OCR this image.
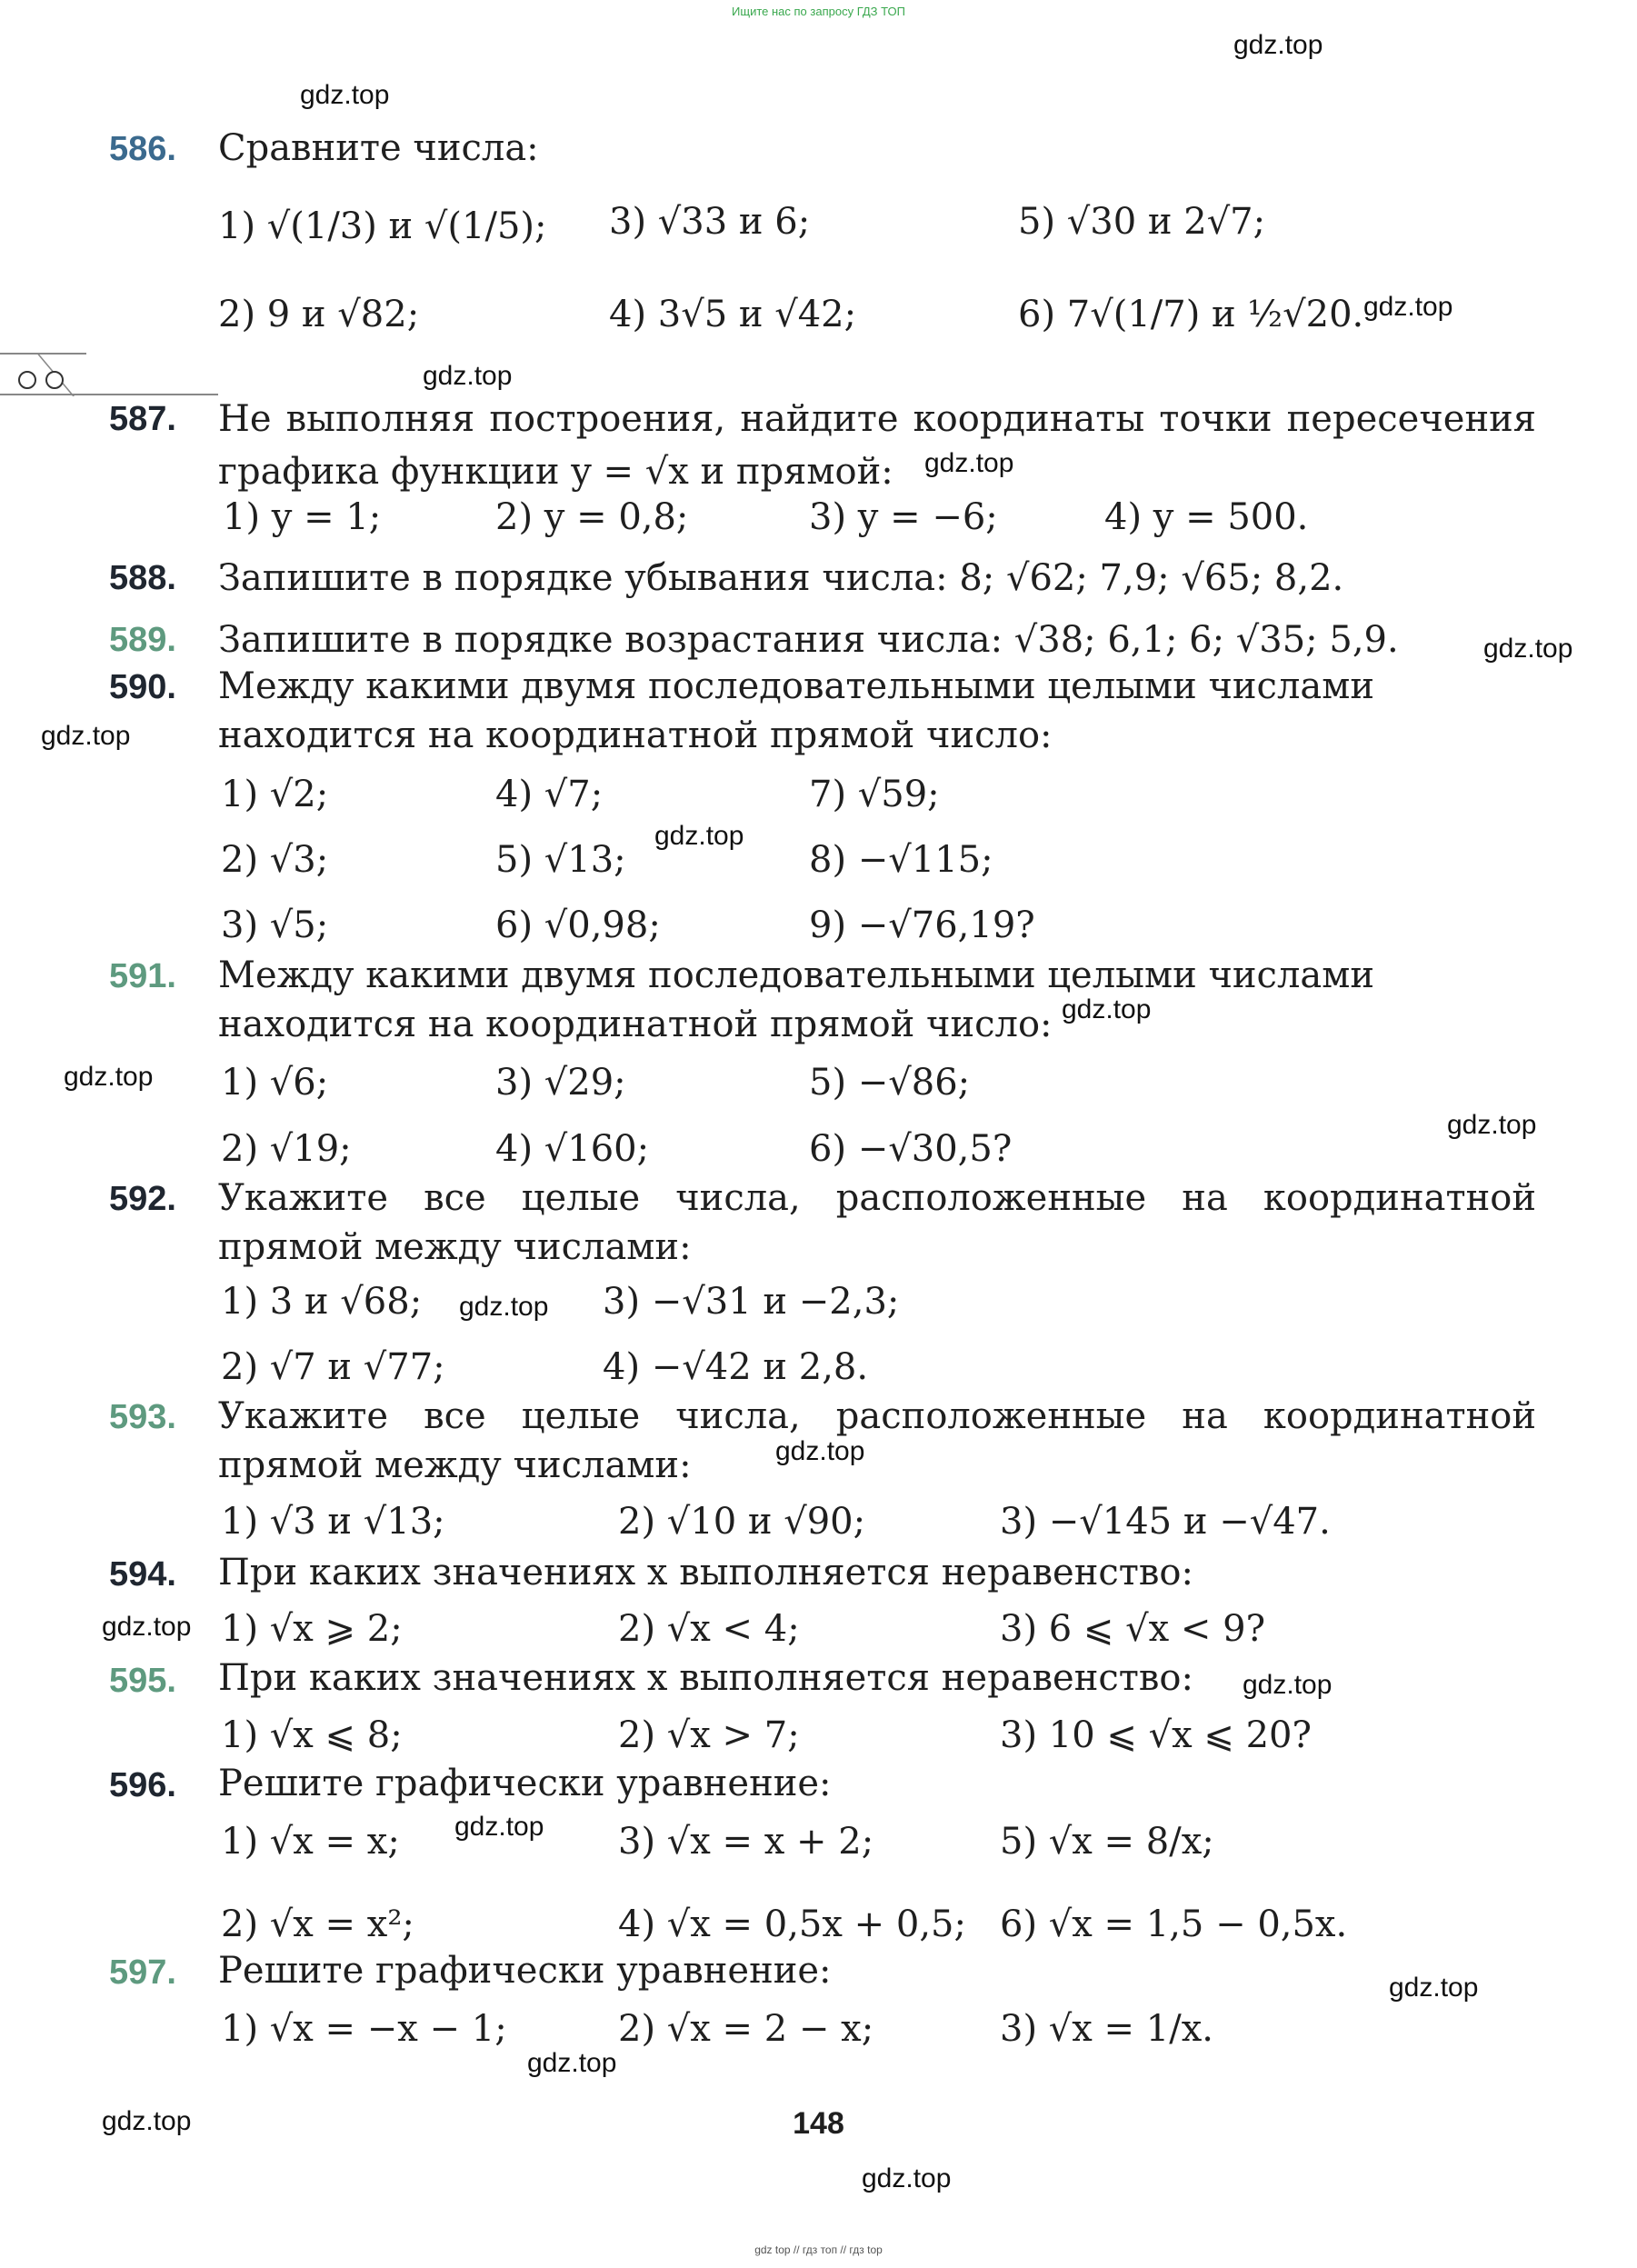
Ищите нас по запросу ГДЗ ТОП
gdz.top
gdz.top
gdz.top
gdz.top
gdz.top
gdz.top
gdz.top
gdz.top
gdz.top
gdz.top
gdz.top
gdz.top
gdz.top
gdz.top
gdz.top
gdz.top
gdz.top
gdz.top
gdz.top
gdz.top
586. Сравните числа:
1) √(1/3) и √(1/5); 3) √33 и 6;	5) √30 и 2√7;
2) 9 и √82;	4) 3√5 и √42;	6) 7√(1/7) и ½√20.
587. Не выполняя построения, найдите координаты точки пересечения графика функции y = √x и прямой:
1) y = 1;	2) y = 0,8;	3) y = −6;	4) y = 500.
588. Запишите в порядке убывания числа: 8; √62; 7,9; √65; 8,2.
589. Запишите в порядке возрастания числа: √38; 6,1; 6; √35; 5,9.
590. Между какими двумя последовательными целыми числами находится на координатной прямой число:
1) √2;	4) √7;	7) √59;
2) √3;	5) √13;	8) −√115;
3) √5;	6) √0,98;	9) −√76,19?
591. Между какими двумя последовательными целыми числами находится на координатной прямой число:
1) √6;	3) √29;	5) −√86;
2) √19;	4) √160;	6) −√30,5?
592. Укажите все целые числа, расположенные на координатной прямой между числами:
1) 3 и √68;	3) −√31 и −2,3;
2) √7 и √77;	4) −√42 и 2,8.
593. Укажите все целые числа, расположенные на координатной прямой между числами:
1) √3 и √13;	2) √10 и √90;	3) −√145 и −√47.
594. При каких значениях x выполняется неравенство:
1) √x ⩾ 2;	2) √x < 4;	3) 6 ⩽ √x < 9?
595. При каких значениях x выполняется неравенство:
1) √x ⩽ 8;	2) √x > 7;	3) 10 ⩽ √x ⩽ 20?
596. Решите графически уравнение:
1) √x = x;	3) √x = x + 2;	5) √x = 8/x;
2) √x = x²;	4) √x = 0,5x + 0,5; 6) √x = 1,5 − 0,5x.
597. Решите графически уравнение:
1) √x = −x − 1;	2) √x = 2 − x;	3) √x = 1/x.
148
gdz top // гдз топ // гдз top
